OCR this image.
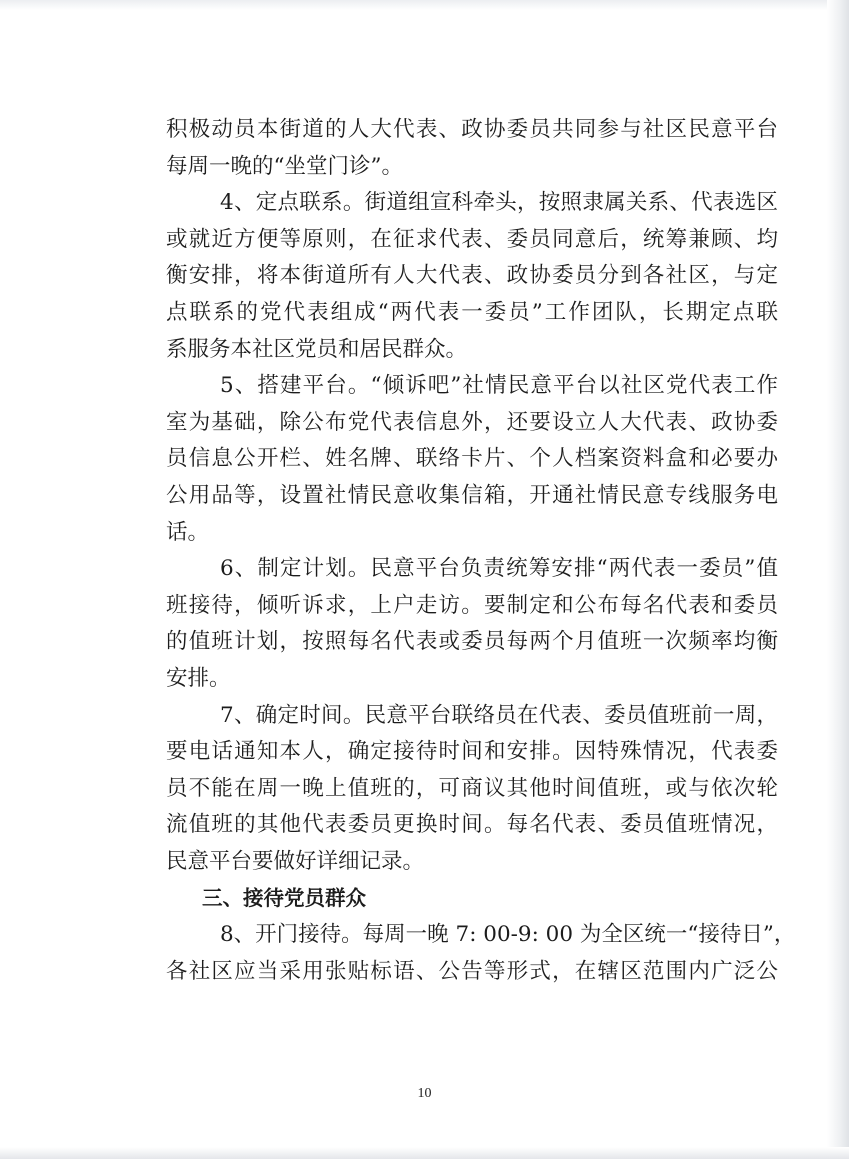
积极动员本街道的人大代表、政协委员共同参与社区民意平台
每周一晚的“坐堂门诊”。
4、定点联系。街道组宣科牵头，按照隶属关系、代表选区
或就近方便等原则，在征求代表、委员同意后，统筹兼顾、均
衡安排，将本街道所有人大代表、政协委员分到各社区，与定
点联系的党代表组成“两代表一委员”工作团队，长期定点联
系服务本社区党员和居民群众。
5、搭建平台。“倾诉吧”社情民意平台以社区党代表工作
室为基础，除公布党代表信息外，还要设立人大代表、政协委
员信息公开栏、姓名牌、联络卡片、个人档案资料盒和必要办
公用品等，设置社情民意收集信箱，开通社情民意专线服务电
话。
6、制定计划。民意平台负责统筹安排“两代表一委员”值
班接待，倾听诉求，上户走访。要制定和公布每名代表和委员
的值班计划，按照每名代表或委员每两个月值班一次频率均衡
安排。
7、确定时间。民意平台联络员在代表、委员值班前一周，
要电话通知本人，确定接待时间和安排。因特殊情况，代表委
员不能在周一晚上值班的，可商议其他时间值班，或与依次轮
流值班的其他代表委员更换时间。每名代表、委员值班情况，
民意平台要做好详细记录。
三、接待党员群众
8、开门接待。每周一晚 7: 00-9: 00 为全区统一“接待日”，
各社区应当采用张贴标语、公告等形式，在辖区范围内广泛公
10
